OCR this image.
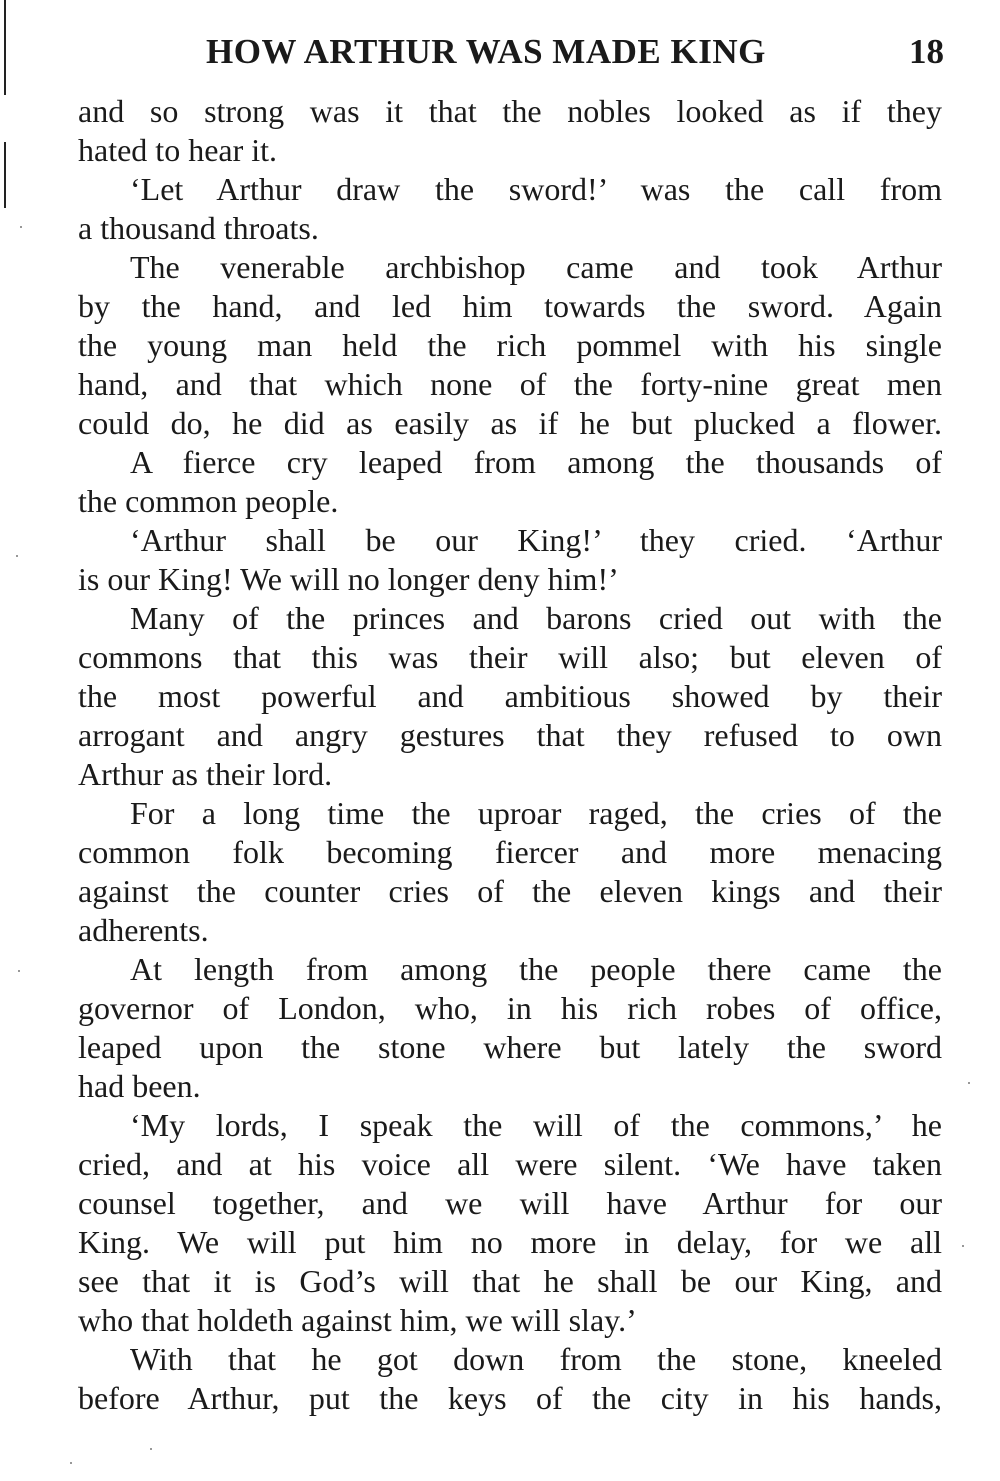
HOW ARTHUR WAS MADE KING	18
and so strong was it that the nobles looked as if they
hated to hear it.
‘Let Arthur draw the sword!’ was the call from
a thousand throats.
The venerable archbishop came and took Arthur
by the hand, and led him towards the sword. Again
the young man held the rich pommel with his single
hand, and that which none of the forty-nine great men
could do, he did as easily as if he but plucked a flower.
A fierce cry leaped from among the thousands of
the common people.
‘Arthur shall be our King!’ they cried. ‘Arthur
is our King! We will no longer deny him!’
Many of the princes and barons cried out with the
commons that this was their will also; but eleven of
the most powerful and ambitious showed by their
arrogant and angry gestures that they refused to own
Arthur as their lord.
For a long time the uproar raged, the cries of the
common folk becoming fiercer and more menacing
against the counter cries of the eleven kings and their
adherents.
At length from among the people there came the
governor of London, who, in his rich robes of office,
leaped upon the stone where but lately the sword
had been.
‘My lords, I speak the will of the commons,’ he
cried, and at his voice all were silent. ‘We have taken
counsel together, and we will have Arthur for our
King. We will put him no more in delay, for we all
see that it is God’s will that he shall be our King, and
who that holdeth against him, we will slay.’
With that he got down from the stone, kneeled
before Arthur, put the keys of the city in his hands,
